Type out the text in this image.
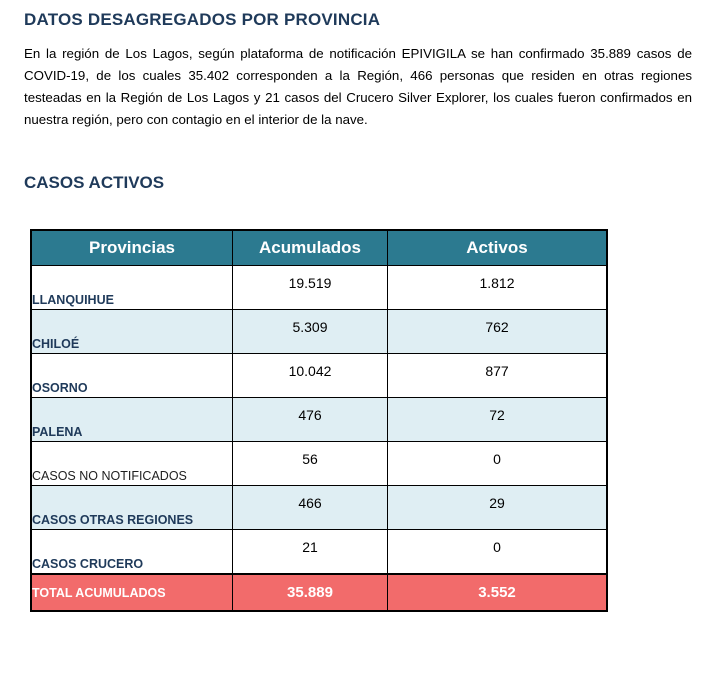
DATOS DESAGREGADOS POR PROVINCIA
En la región de Los Lagos, según plataforma de notificación EPIVIGILA se han confirmado 35.889 casos de COVID-19, de los cuales 35.402 corresponden a la Región, 466 personas que residen en otras regiones testeadas en la Región de Los Lagos y 21 casos del Crucero Silver Explorer, los cuales fueron confirmados en nuestra región, pero con contagio en el interior de la nave.
CASOS ACTIVOS
Provincias	Acumulados	Activos
LLANQUIHUE	19.519	1.812
CHILOÉ	5.309	762
OSORNO	10.042	877
PALENA	476	72
CASOS NO NOTIFICADOS	56	0
CASOS OTRAS REGIONES	466	29
CASOS CRUCERO	21	0
TOTAL ACUMULADOS	35.889	3.552
